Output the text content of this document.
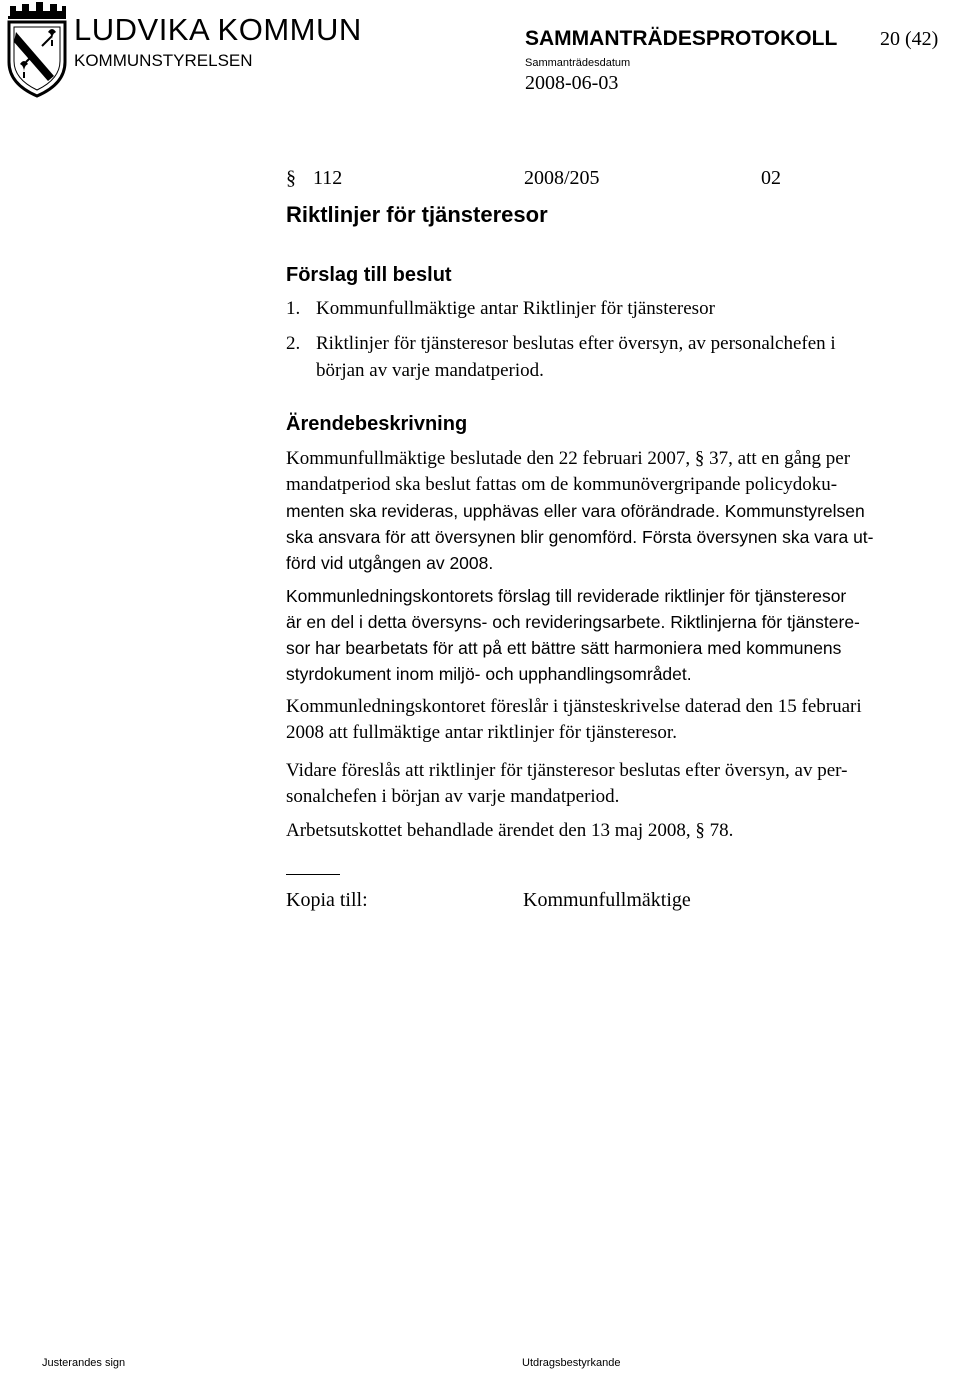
LUDVIKA KOMMUN
KOMMUNSTYRELSEN
SAMMANTRÄDESPROTOKOLL 20 (42)
Sammanträdesdatum
2008-06-03
§ 112	2008/205	02
Riktlinjer för tjänsteresor
Förslag till beslut
1. Kommunfullmäktige antar Riktlinjer för tjänsteresor
2. Riktlinjer för tjänsteresor beslutas efter översyn, av personalchefen i
början av varje mandatperiod.
Ärendebeskrivning
Kommunfullmäktige beslutade den 22 februari 2007, § 37, att en gång per
mandatperiod ska beslut fattas om de kommunövergripande policydoku-
menten ska revideras, upphävas eller vara oförändrade. Kommunstyrelsen
ska ansvara för att översynen blir genomförd. Första översynen ska vara ut-
förd vid utgången av 2008.
Kommunledningskontorets förslag till reviderade riktlinjer för tjänsteresor
är en del i detta översyns- och revideringsarbete. Riktlinjerna för tjänstere-
sor har bearbetats för att på ett bättre sätt harmoniera med kommunens
styrdokument inom miljö- och upphandlingsområdet.
Kommunledningskontoret föreslår i tjänsteskrivelse daterad den 15 februari
2008 att fullmäktige antar riktlinjer för tjänsteresor.
Vidare föreslås att riktlinjer för tjänsteresor beslutas efter översyn, av per-
sonalchefen i början av varje mandatperiod.
Arbetsutskottet behandlade ärendet den 13 maj 2008, § 78.
Kopia till:	Kommunfullmäktige
Justerandes sign	Utdragsbestyrkande
